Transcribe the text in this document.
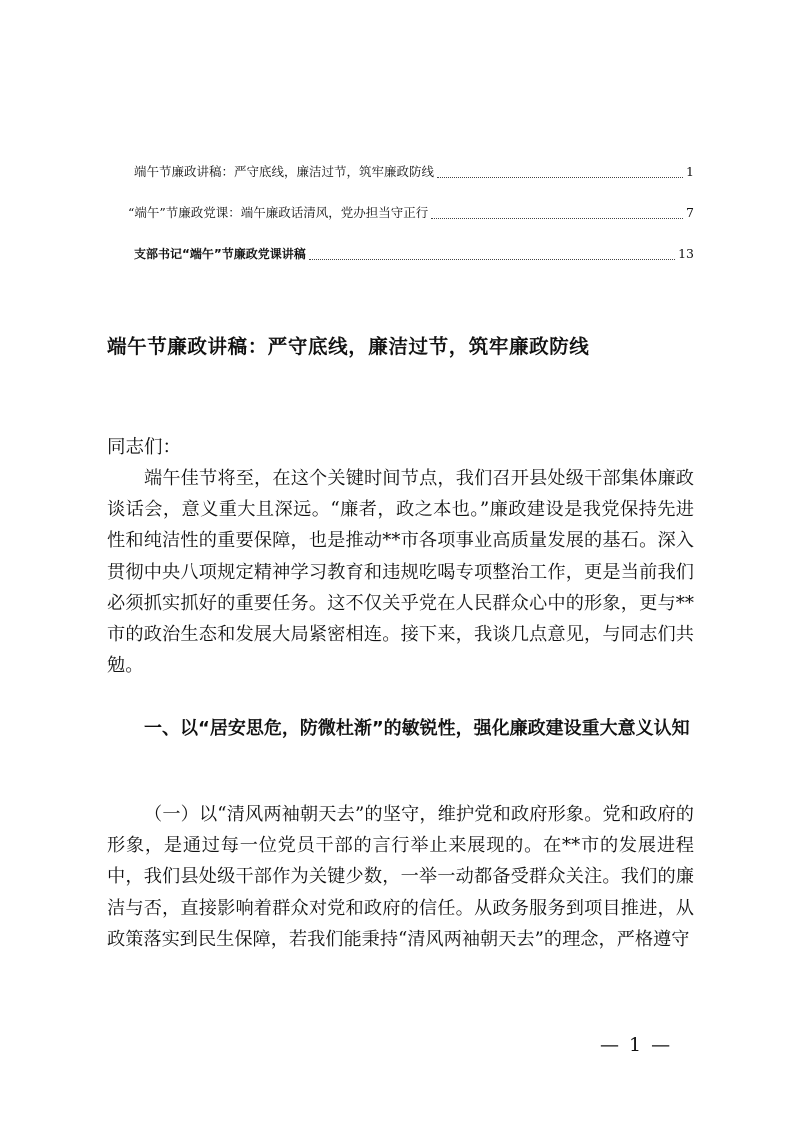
端午节廉政讲稿：严守底线，廉洁过节，筑牢廉政防线	1
“端午”节廉政党课：端午廉政话清风，党办担当守正行	7
支部书记“端午”节廉政党课讲稿	13
端午节廉政讲稿：严守底线，廉洁过节，筑牢廉政防线

同志们：

端午佳节将至，在这个关键时间节点，我们召开县处级干部集体廉政谈话会，意义重大且深远。“廉者，政之本也。”廉政建设是我党保持先进性和纯洁性的重要保障，也是推动**市各项事业高质量发展的基石。深入贯彻中央八项规定精神学习教育和违规吃喝专项整治工作，更是当前我们必须抓实抓好的重要任务。这不仅关乎党在人民群众心中的形象，更与**市的政治生态和发展大局紧密相连。接下来，我谈几点意见，与同志们共勉。

一、以“居安思危，防微杜渐”的敏锐性，强化廉政建设重大意义认知

（一）以“清风两袖朝天去”的坚守，维护党和政府形象。党和政府的形象，是通过每一位党员干部的言行举止来展现的。在**市的发展进程中，我们县处级干部作为关键少数，一举一动都备受群众关注。我们的廉洁与否，直接影响着群众对党和政府的信任。从政务服务到项目推进，从政策落实到民生保障，若我们能秉持“清风两袖朝天去”的理念，严格遵守

— 1 —
